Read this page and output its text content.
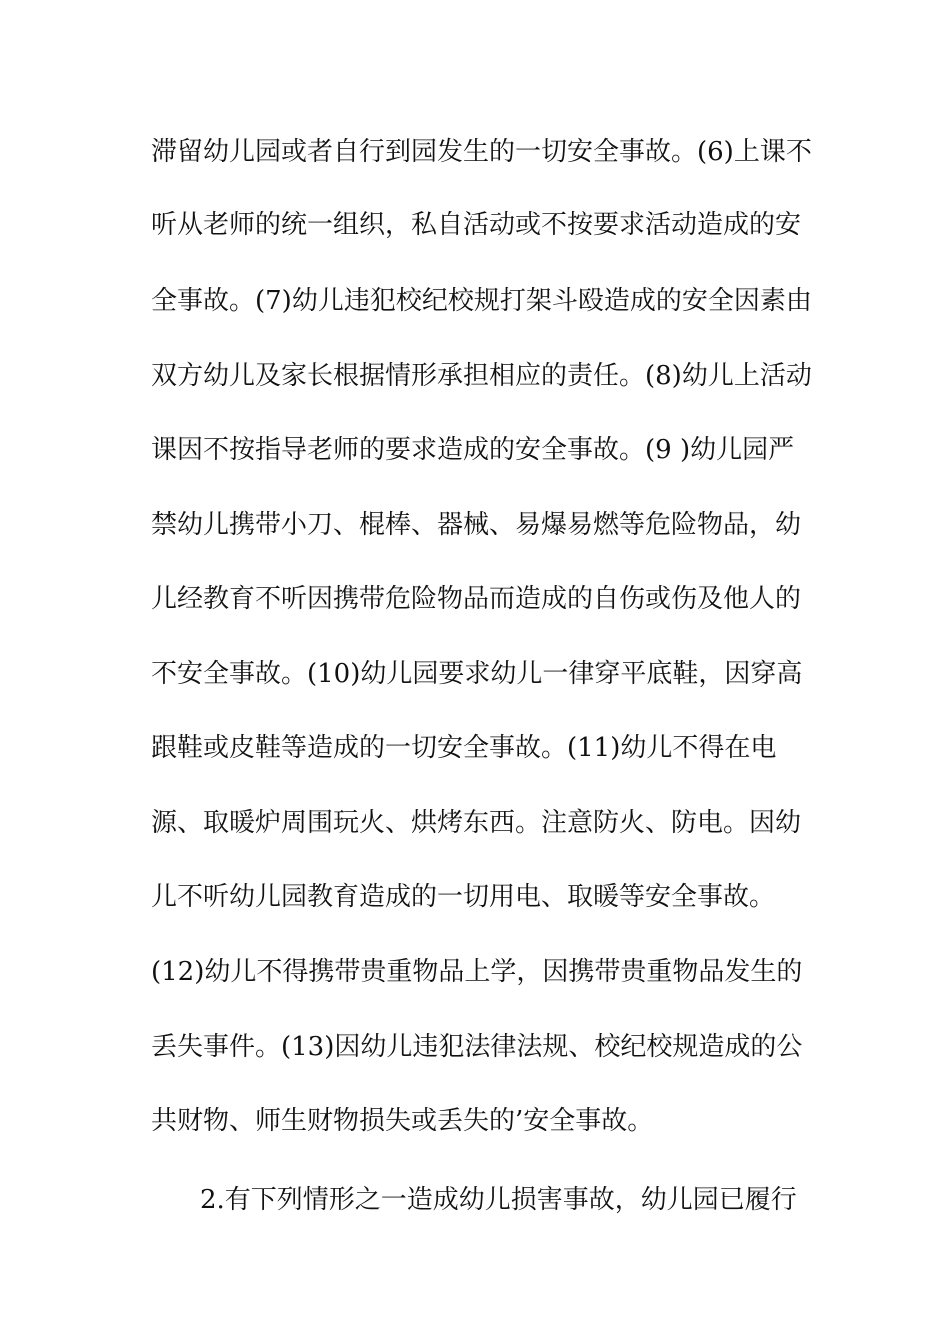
滞留幼儿园或者自行到园发生的一切安全事故。(6)上课不
听从老师的统一组织，私自活动或不按要求活动造成的安
全事故。(7)幼儿违犯校纪校规打架斗殴造成的安全因素由
双方幼儿及家长根据情形承担相应的责任。(8)幼儿上活动
课因不按指导老师的要求造成的安全事故。(9 )幼儿园严
禁幼儿携带小刀、棍棒、器械、易爆易燃等危险物品，幼
儿经教育不听因携带危险物品而造成的自伤或伤及他人的
不安全事故。(10)幼儿园要求幼儿一律穿平底鞋，因穿高
跟鞋或皮鞋等造成的一切安全事故。(11)幼儿不得在电
源、取暖炉周围玩火、烘烤东西。注意防火、防电。因幼
儿不听幼儿园教育造成的一切用电、取暖等安全事故。
(12)幼儿不得携带贵重物品上学，因携带贵重物品发生的
丢失事件。(13)因幼儿违犯法律法规、校纪校规造成的公
共财物、师生财物损失或丢失的’安全事故。
2.有下列情形之一造成幼儿损害事故，幼儿园已履行
